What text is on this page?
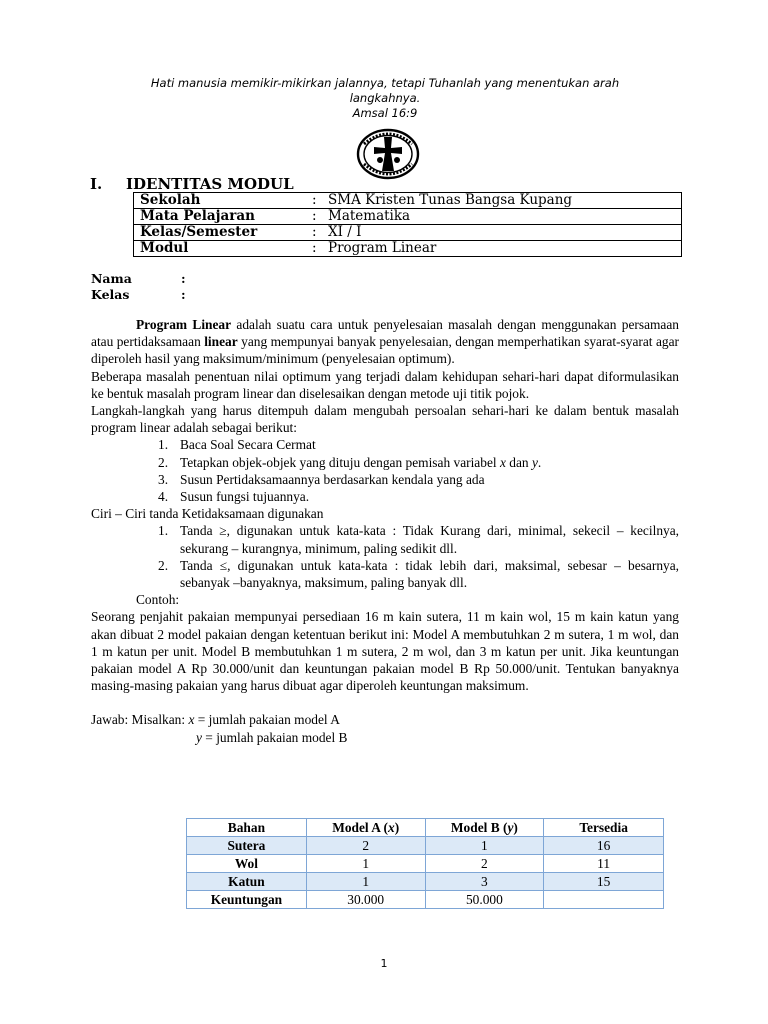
Hati manusia memikir-mikirkan jalannya, tetapi Tuhanlah yang menentukan arah
langkahnya.
Amsal 16:9
I. IDENTITAS MODUL
Sekolah	: SMA Kristen Tunas Bangsa Kupang
Mata Pelajaran	: Matematika
Kelas/Semester	: XI / I
Modul	: Program Linear
Nama	:
Kelas	:

Program Linear adalah suatu cara untuk penyelesaian masalah dengan menggunakan persamaan atau pertidaksamaan linear yang mempunyai banyak penyelesaian, dengan memperhatikan syarat-syarat agar diperoleh hasil yang maksimum/minimum (penyelesaian optimum).

Beberapa masalah penentuan nilai optimum yang terjadi dalam kehidupan sehari-hari dapat diformulasikan ke bentuk masalah program linear dan diselesaikan dengan metode uji titik pojok.

Langkah-langkah yang harus ditempuh dalam mengubah persoalan sehari-hari ke dalam bentuk masalah program linear adalah sebagai berikut:

1. Baca Soal Secara Cermat
2. Tetapkan objek-objek yang dituju dengan pemisah variabel x dan y.
3. Susun Pertidaksamaannya berdasarkan kendala yang ada
4. Susun fungsi tujuannya.

Ciri – Ciri tanda Ketidaksamaan digunakan

1. Tanda ≥, digunakan untuk kata-kata : Tidak Kurang dari, minimal, sekecil – kecilnya, sekurang – kurangnya, minimum, paling sedikit dll.
2. Tanda ≤, digunakan untuk kata-kata : tidak lebih dari, maksimal, sebesar – besarnya, sebanyak –banyaknya, maksimum, paling banyak dll.

Contoh:

Seorang penjahit pakaian mempunyai persediaan 16 m kain sutera, 11 m kain wol, 15 m kain katun yang akan dibuat 2 model pakaian dengan ketentuan berikut ini: Model A membutuhkan 2 m sutera, 1 m wol, dan 1 m katun per unit. Model B membutuhkan 1 m sutera, 2 m wol, dan 3 m katun per unit. Jika keuntungan pakaian model A Rp 30.000/unit dan keuntungan pakaian model B Rp 50.000/unit. Tentukan banyaknya masing-masing pakaian yang harus dibuat agar diperoleh keuntungan maksimum.

Jawab: Misalkan: x = jumlah pakaian model A

y = jumlah pakaian model B

Bahan	Model A (x)	Model B (y)	Tersedia
Sutera	2	1	16
Wol	1	2	11
Katun	1	3	15
Keuntungan	30.000	50.000	
1
